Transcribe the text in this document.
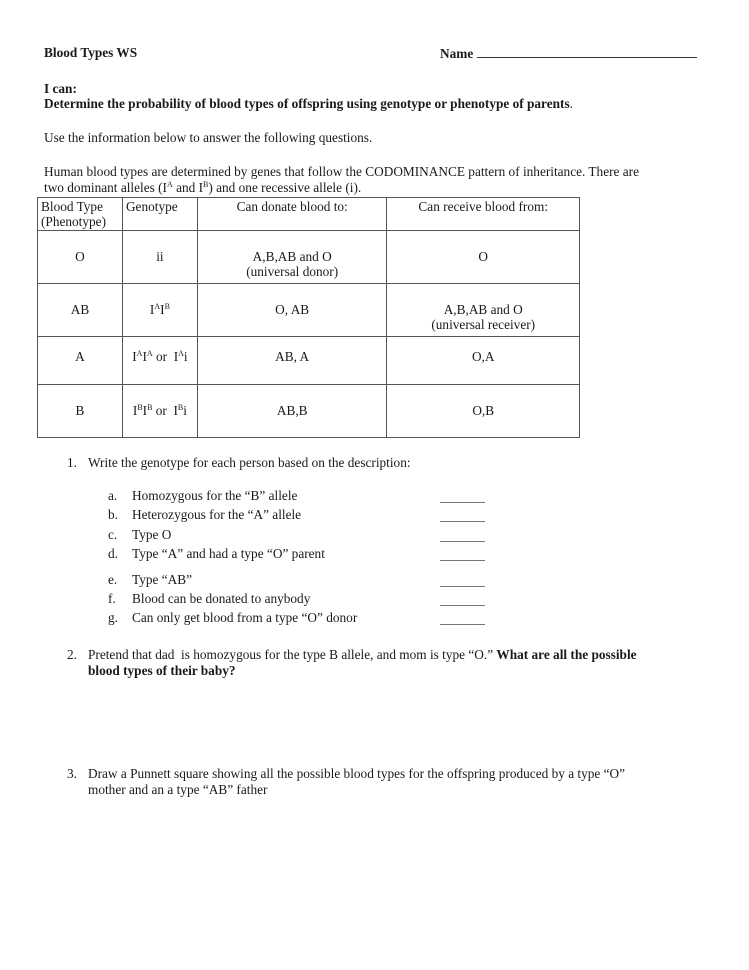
Blood Types WS	Name
I can:
Determine the probability of blood types of offspring using genotype or phenotype of parents.
Use the information below to answer the following questions.
Human blood types are determined by genes that follow the CODOMINANCE pattern of inheritance. There are
two dominant alleles ($I^A$ and $I^B$) and one recessive allele (i).
Blood Type
(Phenotype)	Genotype	Can donate blood to:	Can receive blood from:
O	ii	A,B,AB and O
(universal donor)	O
AB	$I^AI^B$	O, AB	A,B,AB and O
(universal receiver)
A	$I^AI^A$ or  $I^Ai$	AB, A	O,A
B	$I^BI^B$ or  $I^Bi$	AB,B	O,B
1. Write the genotype for each person based on the description:
a. Homozygous for the “B” allele
b. Heterozygous for the “A” allele
c. Type O
d. Type “A” and had a type “O” parent
e. Type “AB”
f. Blood can be donated to anybody
g. Can only get blood from a type “O” donor
2. Pretend that dad  is homozygous for the type B allele, and mom is type “O.” What are all the possible
blood types of their baby?
3. Draw a Punnett square showing all the possible blood types for the offspring produced by a type “O”
mother and an a type “AB” father
